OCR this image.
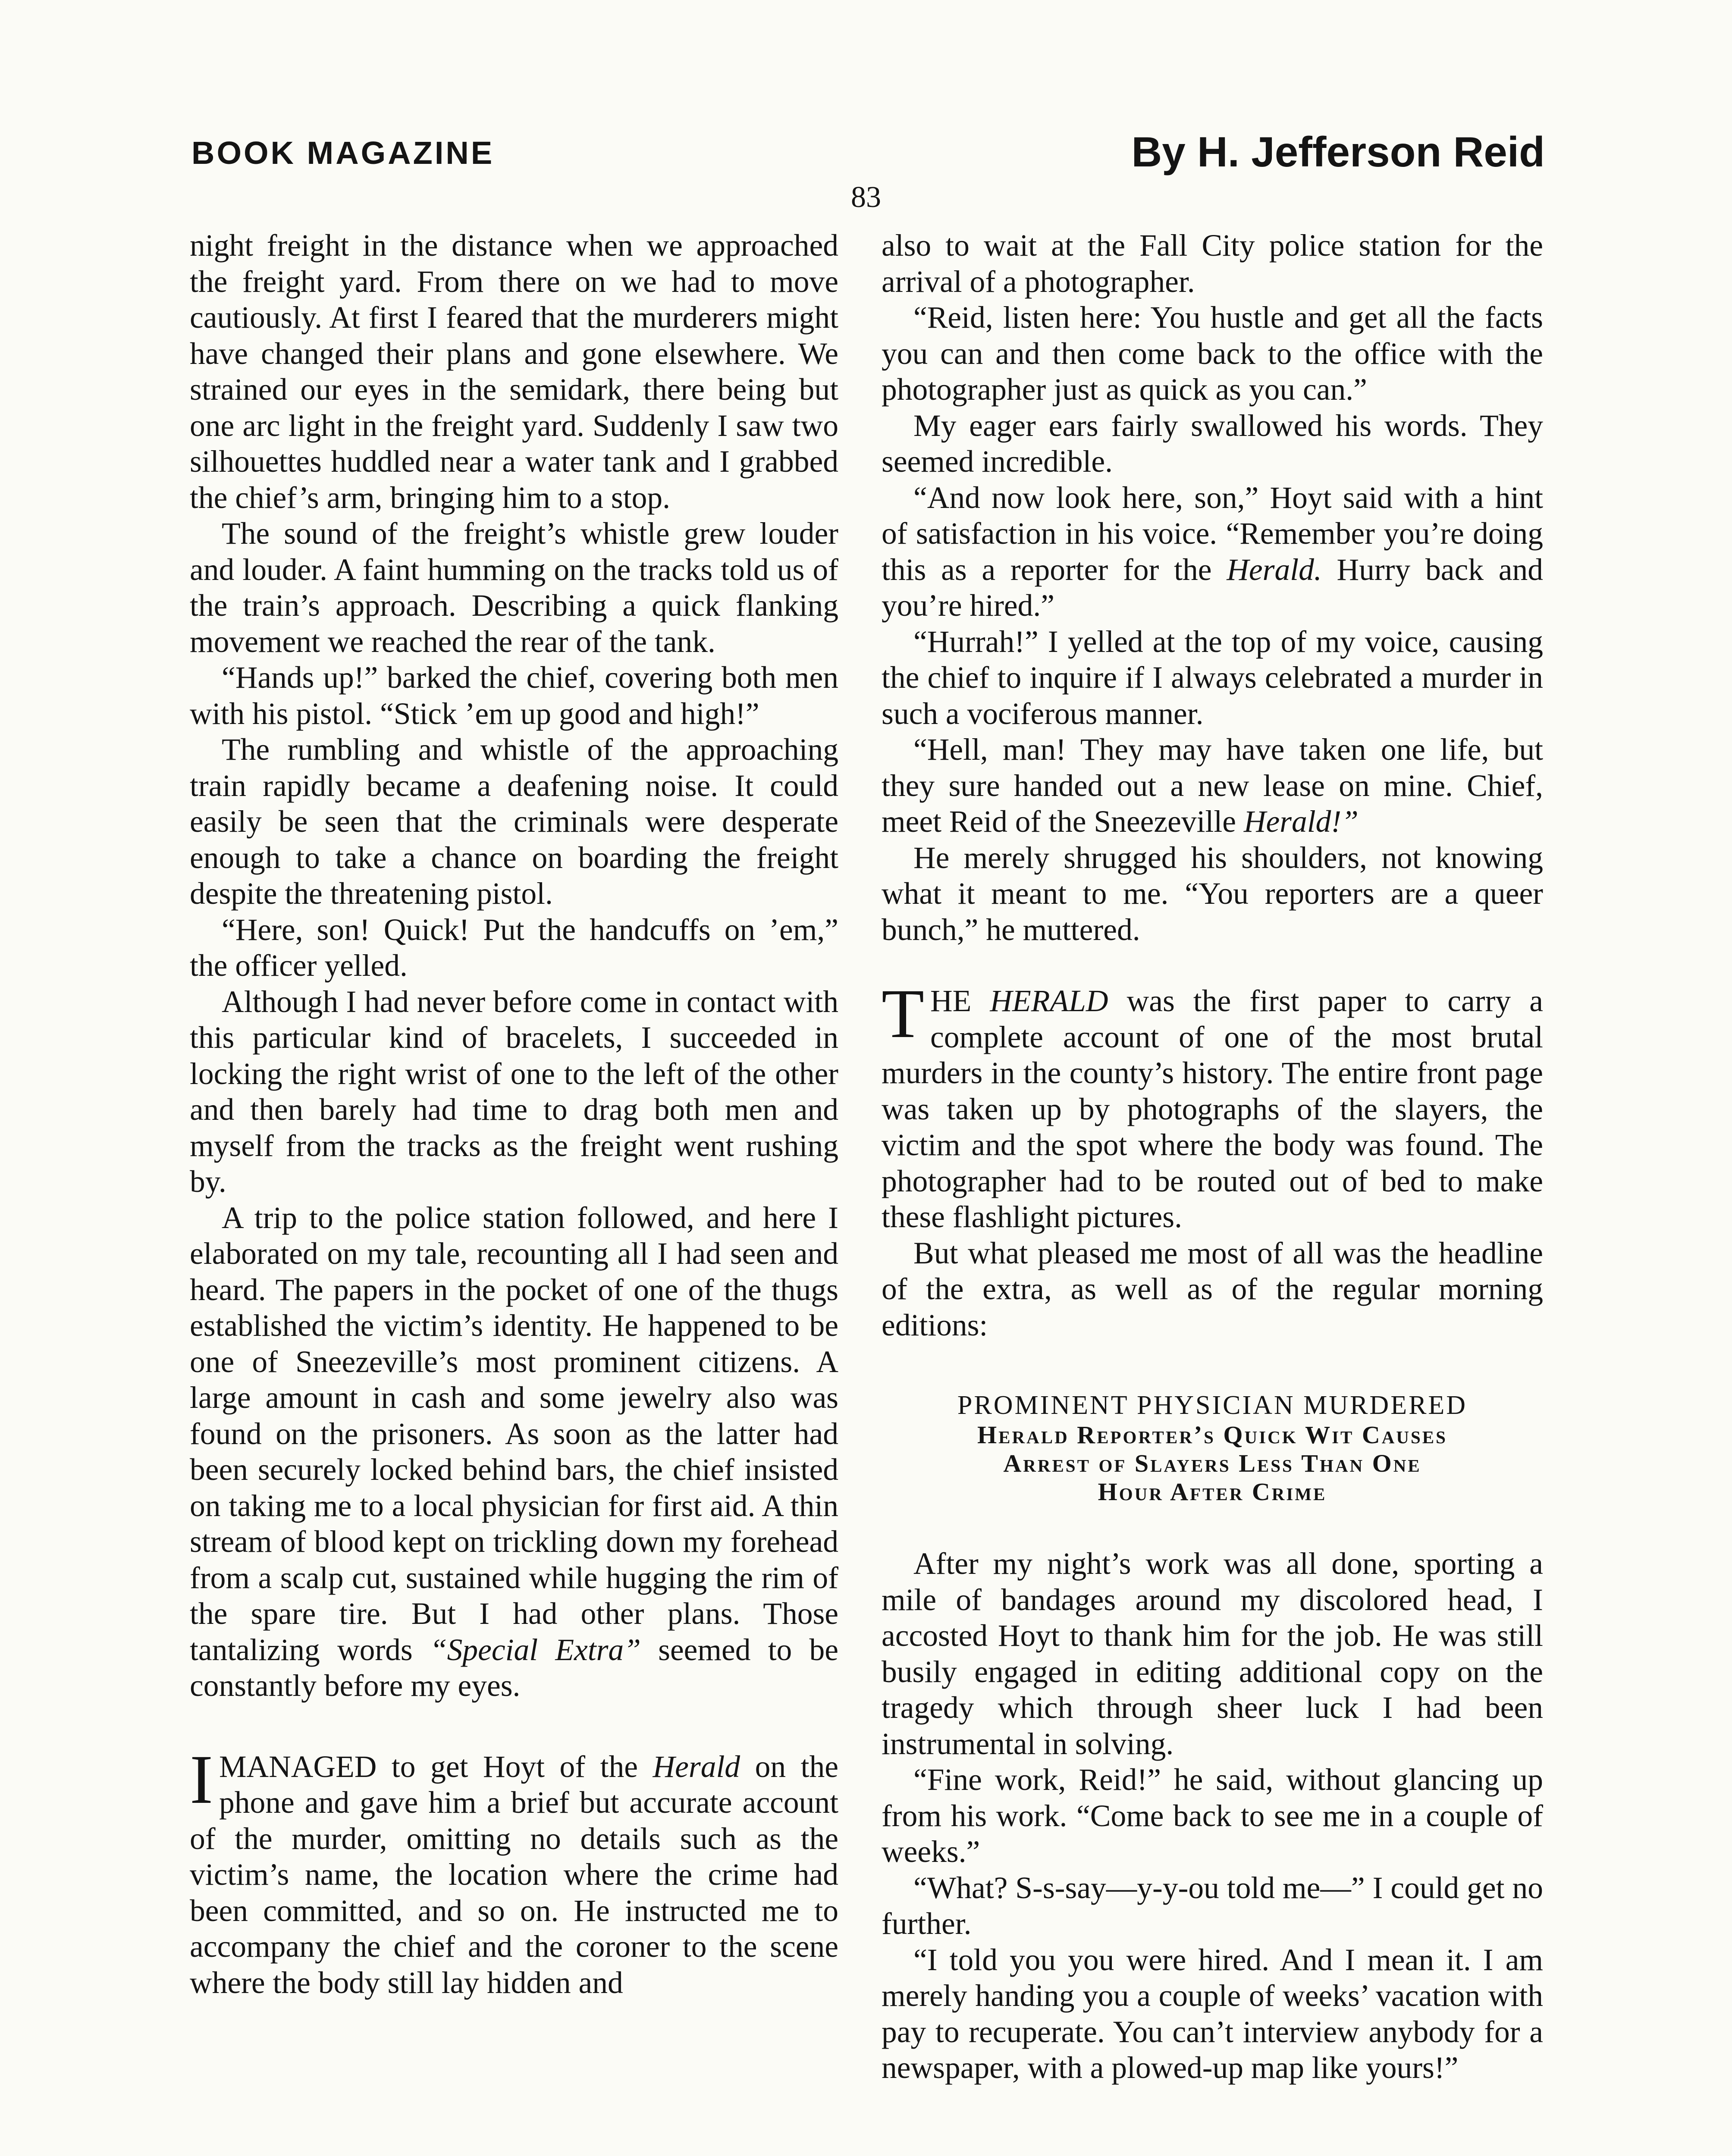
BOOK MAGAZINE	By H. Jefferson Reid
83

night freight in the distance when we approached the freight yard. From there on we had to move cautiously. At first I feared that the murderers might have changed their plans and gone elsewhere. We strained our eyes in the semidark, there being but one arc light in the freight yard. Suddenly I saw two silhouettes huddled near a water tank and I grabbed the chief’s arm, bringing him to a stop.

The sound of the freight’s whistle grew louder and louder. A faint humming on the tracks told us of the train’s approach. Describing a quick flanking movement we reached the rear of the tank.

“Hands up!” barked the chief, covering both men with his pistol. “Stick ’em up good and high!”

The rumbling and whistle of the approaching train rapidly became a deafening noise. It could easily be seen that the criminals were desperate enough to take a chance on boarding the freight despite the threatening pistol.

“Here, son! Quick! Put the handcuffs on ’em,” the officer yelled.

Although I had never before come in contact with this particular kind of bracelets, I succeeded in locking the right wrist of one to the left of the other and then barely had time to drag both men and myself from the tracks as the freight went rushing by.

A trip to the police station followed, and here I elaborated on my tale, recounting all I had seen and heard. The papers in the pocket of one of the thugs established the victim’s identity. He happened to be one of Sneezeville’s most prominent citizens. A large amount in cash and some jewelry also was found on the prisoners. As soon as the latter had been securely locked behind bars, the chief insisted on taking me to a local physician for first aid. A thin stream of blood kept on trickling down my forehead from a scalp cut, sustained while hugging the rim of the spare tire. But I had other plans. Those tantalizing words “Special Extra” seemed to be constantly before my eyes.

IMANAGED to get Hoyt of the Herald on the phone and gave him a brief but accurate account of the murder, omitting no details such as the victim’s name, the location where the crime had been committed, and so on. He instructed me to accompany the chief and the coroner to the scene where the body still lay hidden and

also to wait at the Fall City police station for the arrival of a photographer.

“Reid, listen here: You hustle and get all the facts you can and then come back to the office with the photographer just as quick as you can.”

My eager ears fairly swallowed his words. They seemed incredible.

“And now look here, son,” Hoyt said with a hint of satisfaction in his voice. “Remember you’re doing this as a reporter for the Herald. Hurry back and you’re hired.”

“Hurrah!” I yelled at the top of my voice, causing the chief to inquire if I always celebrated a murder in such a vociferous manner.

“Hell, man! They may have taken one life, but they sure handed out a new lease on mine. Chief, meet Reid of the Sneezeville Herald!”

He merely shrugged his shoulders, not knowing what it meant to me. “You reporters are a queer bunch,” he muttered.

THE HERALD was the first paper to carry a complete account of one of the most brutal murders in the county’s history. The entire front page was taken up by photographs of the slayers, the victim and the spot where the body was found. The photographer had to be routed out of bed to make these flashlight pictures.

But what pleased me most of all was the headline of the extra, as well as of the regular morning editions:

PROMINENT PHYSICIAN MURDERED
Herald Reporter’s Quick Wit Causes
Arrest of Slayers Less Than One
Hour After Crime

After my night’s work was all done, sporting a mile of bandages around my discolored head, I accosted Hoyt to thank him for the job. He was still busily engaged in editing additional copy on the tragedy which through sheer luck I had been instrumental in solving.

“Fine work, Reid!” he said, without glancing up from his work. “Come back to see me in a couple of weeks.”

“What? S-s-say—y-y-ou told me—” I could get no further.

“I told you you were hired. And I mean it. I am merely handing you a couple of weeks’ vacation with pay to recuperate. You can’t interview anybody for a newspaper, with a plowed-up map like yours!”
